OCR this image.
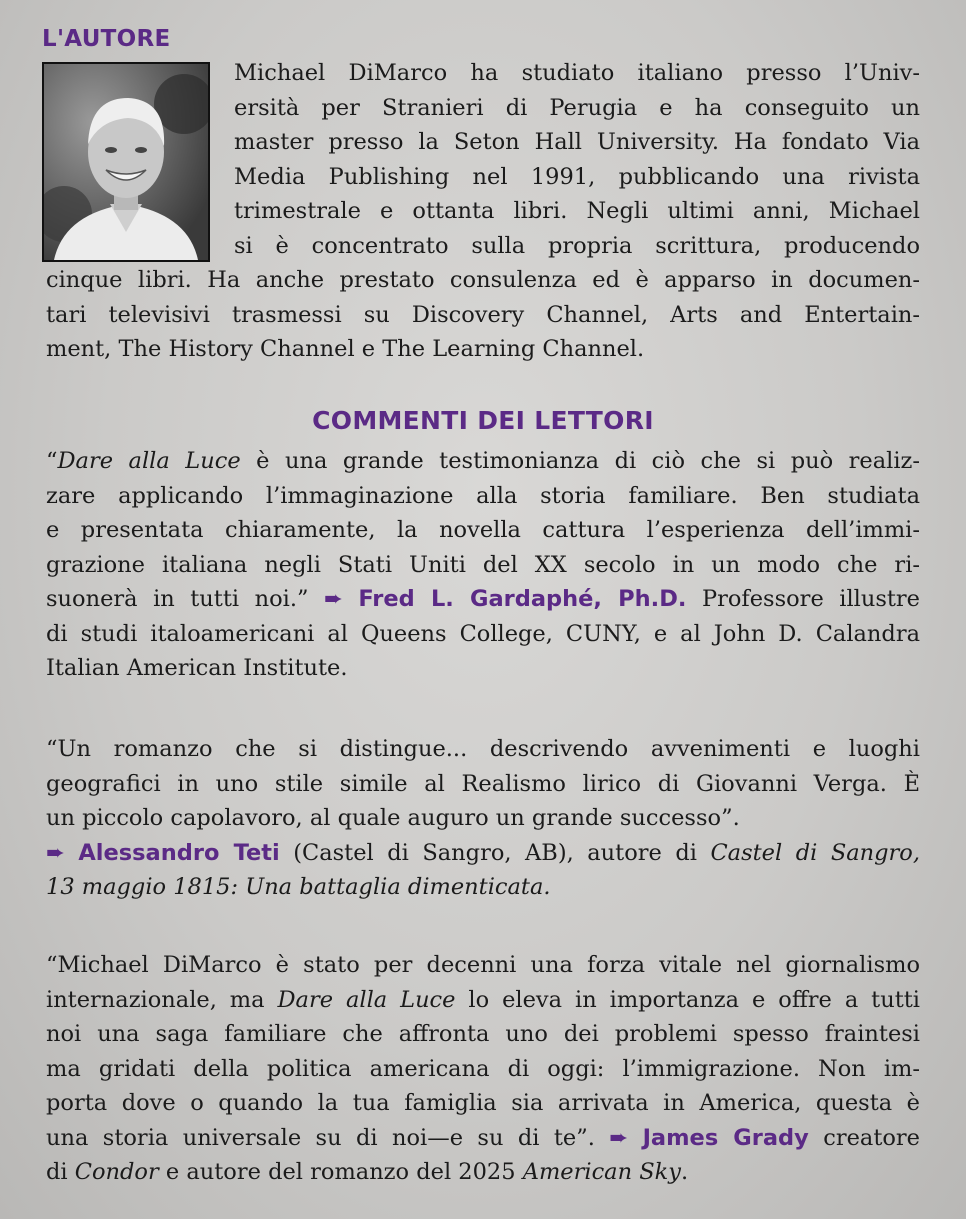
L'AUTORE
Michael DiMarco ha studiato italiano presso l’Univ-
ersità per Stranieri di Perugia e ha conseguito un
master presso la Seton Hall University. Ha fondato Via
Media Publishing nel 1991, pubblicando una rivista
trimestrale e ottanta libri. Negli ultimi anni, Michael
si è concentrato sulla propria scrittura, producendo
cinque libri. Ha anche prestato consulenza ed è apparso in documen-
tari televisivi trasmessi su Discovery Channel, Arts and Entertain-
ment, The History Channel e The Learning Channel.
COMMENTI DEI LETTORI
“Dare alla Luce è una grande testimonianza di ciò che si può realiz-
zare applicando l’immaginazione alla storia familiare. Ben studiata
e presentata chiaramente, la novella cattura l’esperienza dell’immi-
grazione italiana negli Stati Uniti del XX secolo in un modo che ri-
suonerà in tutti noi.” ➨ Fred L. Gardaphé, Ph.D. Professore illustre
di studi italoamericani al Queens College, CUNY, e al John D. Calandra
Italian American Institute.
“Un romanzo che si distingue... descrivendo avvenimenti e luoghi
geografici in uno stile simile al Realismo lirico di Giovanni Verga. È
un piccolo capolavoro, al quale auguro un grande successo”.
➨ Alessandro Teti (Castel di Sangro, AB), autore di Castel di Sangro,
13 maggio 1815: Una battaglia dimenticata.
“Michael DiMarco è stato per decenni una forza vitale nel giornalismo
internazionale, ma Dare alla Luce lo eleva in importanza e offre a tutti
noi una saga familiare che affronta uno dei problemi spesso fraintesi
ma gridati della politica americana di oggi: l’immigrazione. Non im-
porta dove o quando la tua famiglia sia arrivata in America, questa è
una storia universale su di noi—e su di te”. ➨ James Grady creatore
di Condor e autore del romanzo del 2025 American Sky.
